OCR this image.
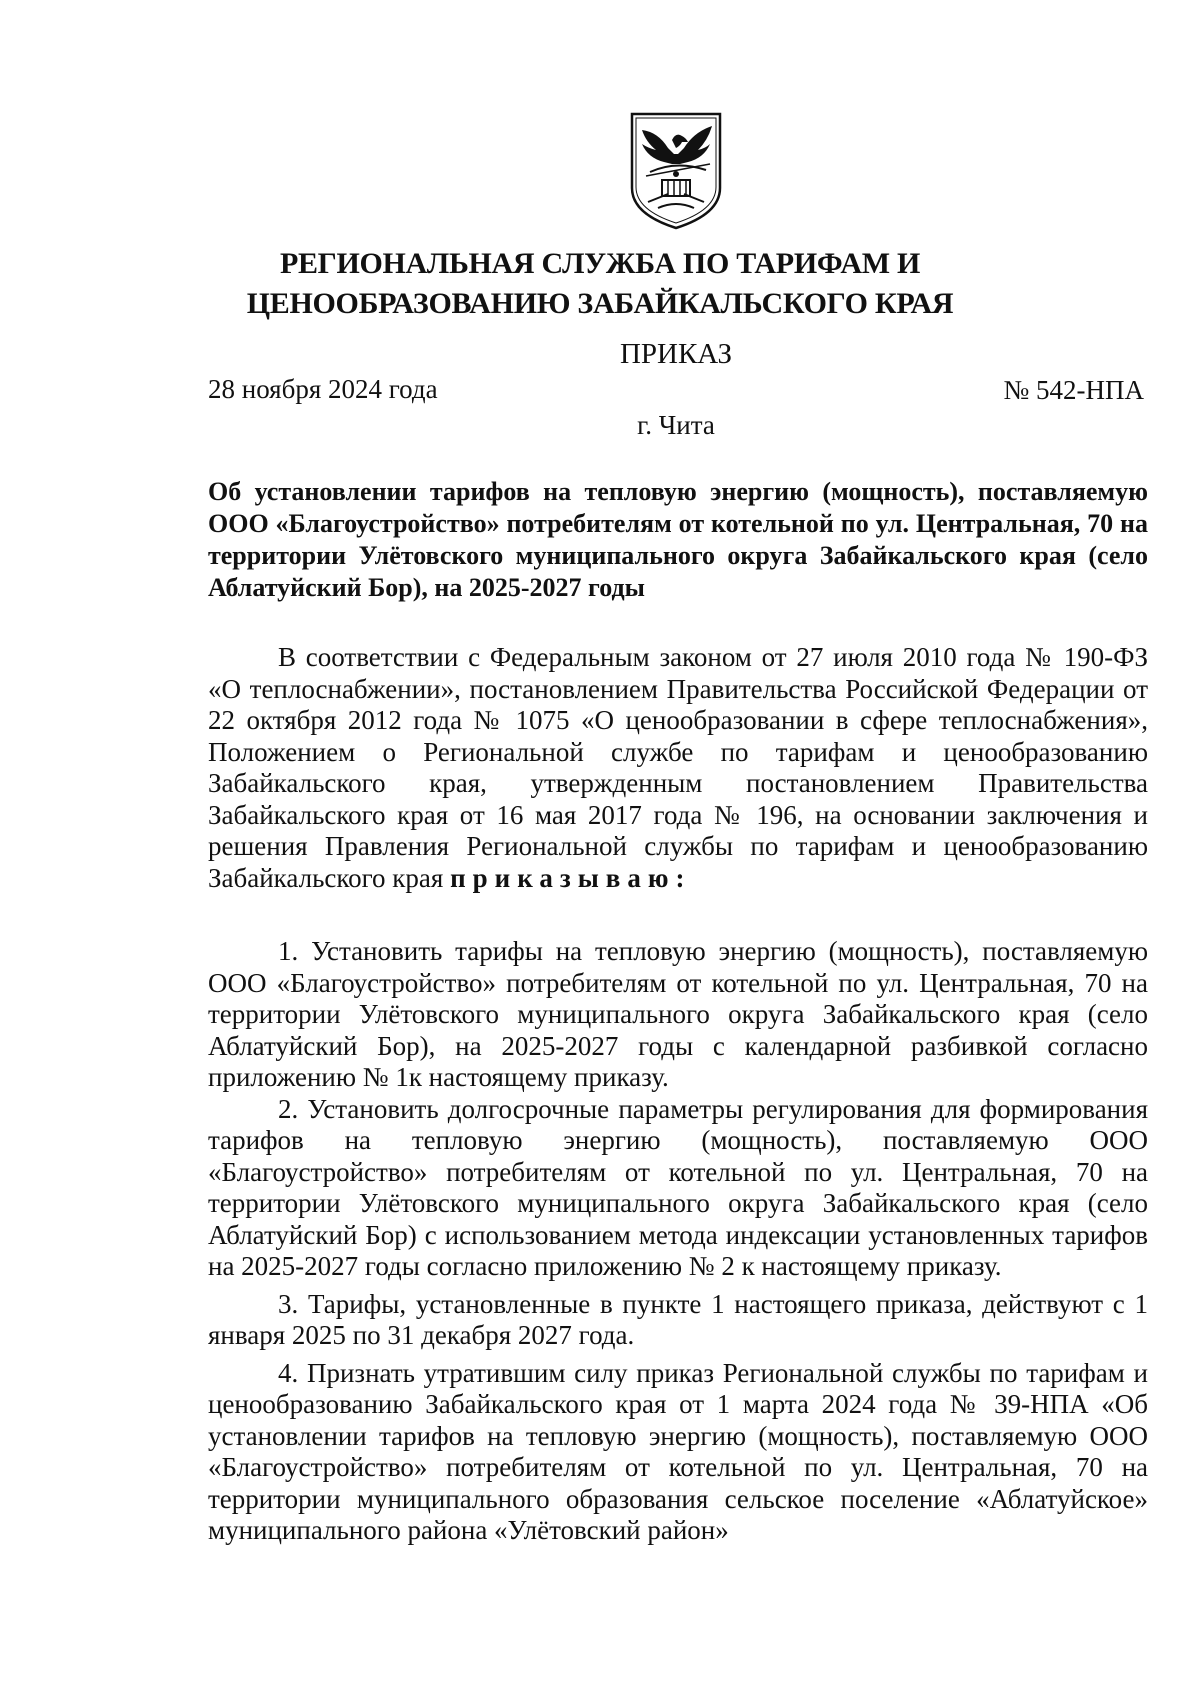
РЕГИОНАЛЬНАЯ СЛУЖБА ПО ТАРИФАМ И
ЦЕНООБРАЗОВАНИЮ ЗАБАЙКАЛЬСКОГО КРАЯ
ПРИКАЗ
28 ноября 2024 года	№ 542-НПА
г. Чита
Об установлении тарифов на тепловую энергию (мощность), поставляемую ООО «Благоустройство» потребителям от котельной по ул. Центральная, 70 на территории Улётовского муниципального округа Забайкальского края (село Аблатуйский Бор), на 2025-2027 годы

В соответствии с Федеральным законом от 27 июля 2010 года № 190-ФЗ «О теплоснабжении», постановлением Правительства Российской Федерации от 22 октября 2012 года № 1075 «О ценообразовании в сфере теплоснабжения», Положением о Региональной службе по тарифам и ценообразованию Забайкальского края, утвержденным постановлением Правительства Забайкальского края от 16 мая 2017 года № 196, на основании заключения и решения Правления Региональной службы по тарифам и ценообразованию Забайкальского края приказываю:

1. Установить тарифы на тепловую энергию (мощность), поставляемую ООО «Благоустройство» потребителям от котельной по ул. Центральная, 70 на территории Улётовского муниципального округа Забайкальского края (село Аблатуйский Бор), на 2025-2027 годы с календарной разбивкой согласно приложению № 1к настоящему приказу.

2. Установить долгосрочные параметры регулирования для формирования тарифов на тепловую энергию (мощность), поставляемую ООО «Благоустройство» потребителям от котельной по ул. Центральная, 70 на территории Улётовского муниципального округа Забайкальского края (село Аблатуйский Бор) с использованием метода индексации установленных тарифов на 2025-2027 годы согласно приложению № 2 к настоящему приказу.

3. Тарифы, установленные в пункте 1 настоящего приказа, действуют с 1 января 2025 по 31 декабря 2027 года.

4. Признать утратившим силу приказ Региональной службы по тарифам и ценообразованию Забайкальского края от 1 марта 2024 года № 39-НПА «Об установлении тарифов на тепловую энергию (мощность), поставляемую ООО «Благоустройство» потребителям от котельной по ул. Центральная, 70 на территории муниципального образования сельское поселение «Аблатуйское» муниципального района «Улётовский район»
